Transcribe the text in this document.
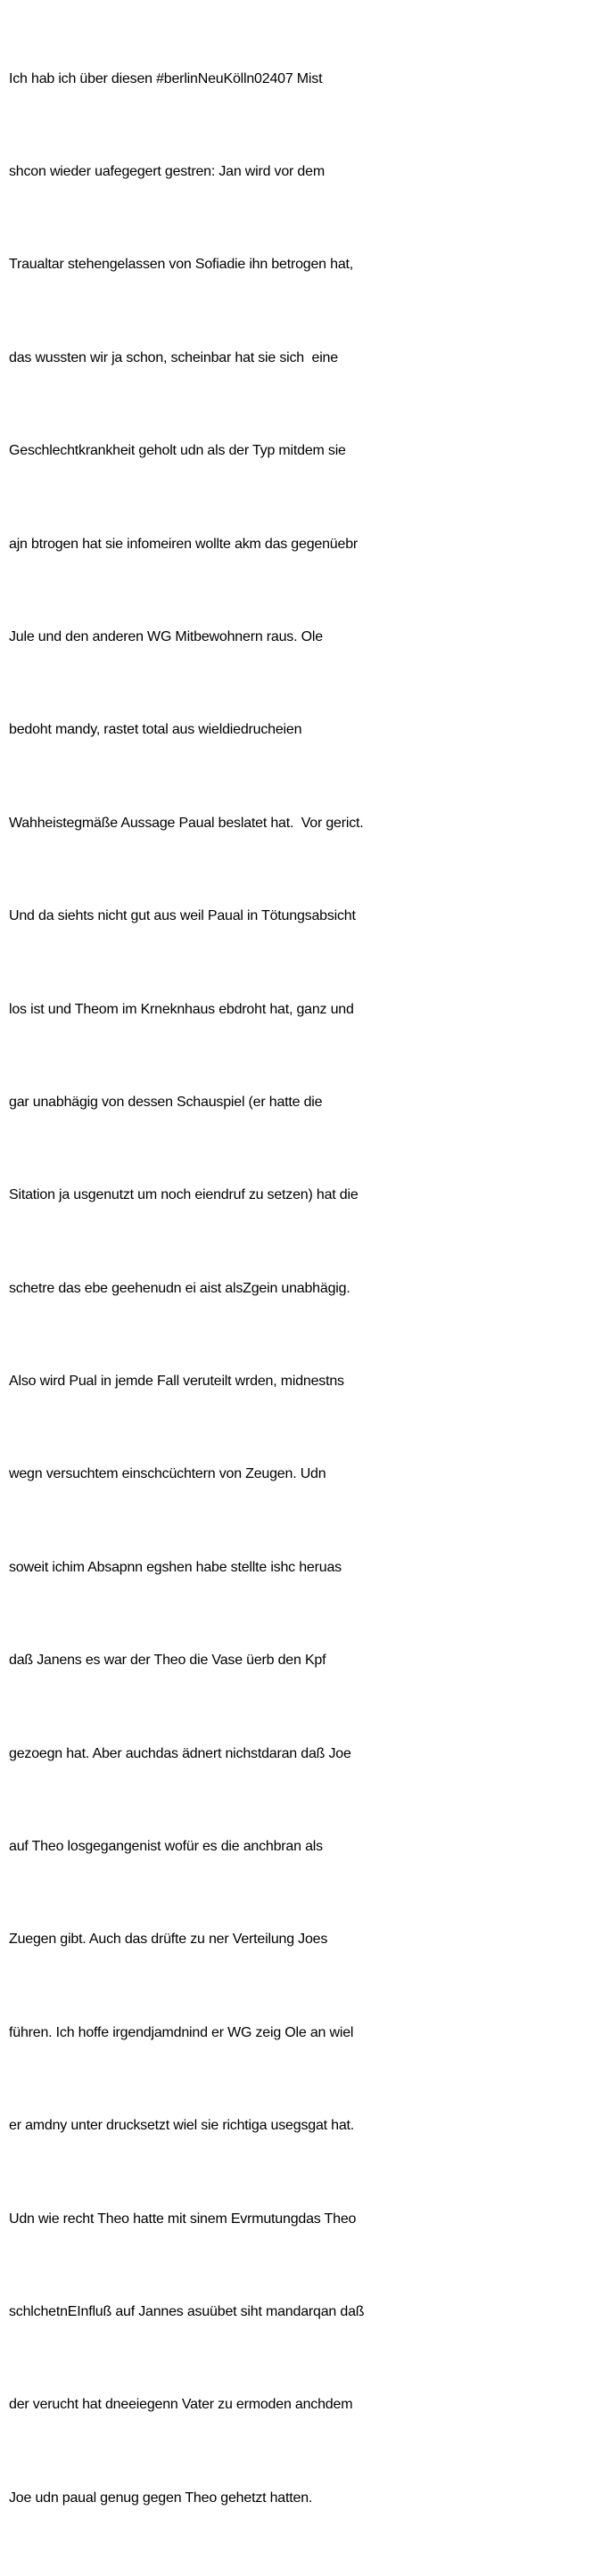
Ich hab ich über diesen #berlinNeuKölln02407 Mist

shcon wieder uafegegert gestren: Jan wird vor dem

Traualtar stehengelassen von Sofiadie ihn betrogen hat,

das wussten wir ja schon, scheinbar hat sie sich  eine

Geschlechtkrankheit geholt udn als der Typ mitdem sie

ajn btrogen hat sie infomeiren wollte akm das gegenüebr

Jule und den anderen WG Mitbewohnern raus. Ole

bedoht mandy, rastet total aus wieldiedrucheien

Wahheistegmäße Aussage Paual beslatet hat.  Vor gerict.

Und da siehts nicht gut aus weil Paual in Tötungsabsicht

los ist und Theom im Krneknhaus ebdroht hat, ganz und

gar unabhägig von dessen Schauspiel (er hatte die

Sitation ja usgenutzt um noch eiendruf zu setzen) hat die

schetre das ebe geehenudn ei aist alsZgein unabhägig.

Also wird Pual in jemde Fall veruteilt wrden, midnestns

wegn versuchtem einschcüchtern von Zeugen. Udn

soweit ichim Absapnn egshen habe stellte ishc heruas

daß Janens es war der Theo die Vase üerb den Kpf

gezoegn hat. Aber auchdas ädnert nichstdaran daß Joe

auf Theo losgegangenist wofür es die anchbran als

Zuegen gibt. Auch das drüfte zu ner Verteilung Joes

führen. Ich hoffe irgendjamdnind er WG zeig Ole an wiel

er amdny unter drucksetzt wiel sie richtiga usegsgat hat.

Udn wie recht Theo hatte mit sinem Evrmutungdas Theo

schlchetnEInfluß auf Jannes asuübet siht mandarqan daß

der verucht hat dneeiegenn Vater zu ermoden anchdem

Joe udn paual genug gegen Theo gehetzt hatten.
